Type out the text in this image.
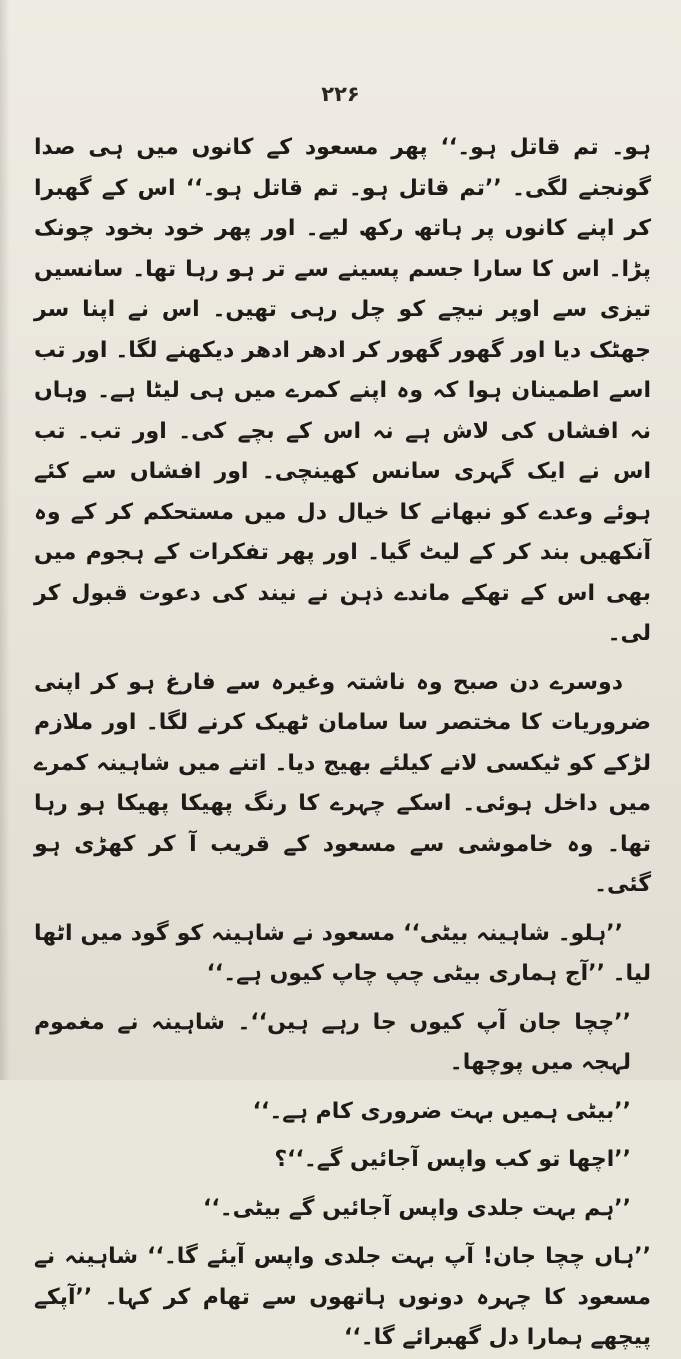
۲۲۶

ہو۔ تم قاتل ہو۔‘‘ پھر مسعود کے کانوں میں ہی صدا گونجنے لگی۔ ’’تم قاتل ہو۔ تم قاتل ہو۔‘‘ اس کے گھبرا کر اپنے کانوں پر ہاتھ رکھ لیے۔ اور پھر خود بخود چونک پڑا۔ اس کا سارا جسم پسینے سے تر ہو رہا تھا۔ سانسیں تیزی سے اوپر نیچے کو چل رہی تھیں۔ اس نے اپنا سر جھٹک دیا اور گھور گھور کر ادھر ادھر دیکھنے لگا۔ اور تب اسے اطمینان ہوا کہ وہ اپنے کمرے میں ہی لیٹا ہے۔ وہاں نہ افشاں کی لاش ہے نہ اس کے بچے کی۔ اور تب۔ تب اس نے ایک گہری سانس کھینچی۔ اور افشاں سے کئے ہوئے وعدے کو نبھانے کا خیال دل میں مستحکم کر کے وہ آنکھیں بند کر کے لیٹ گیا۔ اور پھر تفکرات کے ہجوم میں بھی اس کے تھکے ماندے ذہن نے نیند کی دعوت قبول کر لی۔

دوسرے دن صبح وہ ناشتہ وغیرہ سے فارغ ہو کر اپنی ضروریات کا مختصر سا سامان ٹھیک کرنے لگا۔ اور ملازم لڑکے کو ٹیکسی لانے کیلئے بھیج دیا۔ اتنے میں شاہینہ کمرے میں داخل ہوئی۔ اسکے چہرے کا رنگ پھیکا پھیکا ہو رہا تھا۔ وہ خاموشی سے مسعود کے قریب آ کر کھڑی ہو گئی۔

’’ہلو۔ شاہینہ بیٹی‘‘ مسعود نے شاہینہ کو گود میں اٹھا لیا۔ ’’آج ہماری بیٹی چپ چاپ کیوں ہے۔‘‘

’’چچا جان آپ کیوں جا رہے ہیں‘‘۔ شاہینہ نے مغموم لہجہ میں پوچھا۔

’’بیٹی ہمیں بہت ضروری کام ہے۔‘‘

’’اچھا تو کب واپس آجائیں گے۔‘‘؟

’’ہم بہت جلدی واپس آجائیں گے بیٹی۔‘‘

’’ہاں چچا جان! آپ بہت جلدی واپس آیئے گا۔‘‘ شاہینہ نے مسعود کا چہرہ دونوں ہاتھوں سے تھام کر کہا۔ ’’آپکے پیچھے ہمارا دل گھبرائے گا۔‘‘
